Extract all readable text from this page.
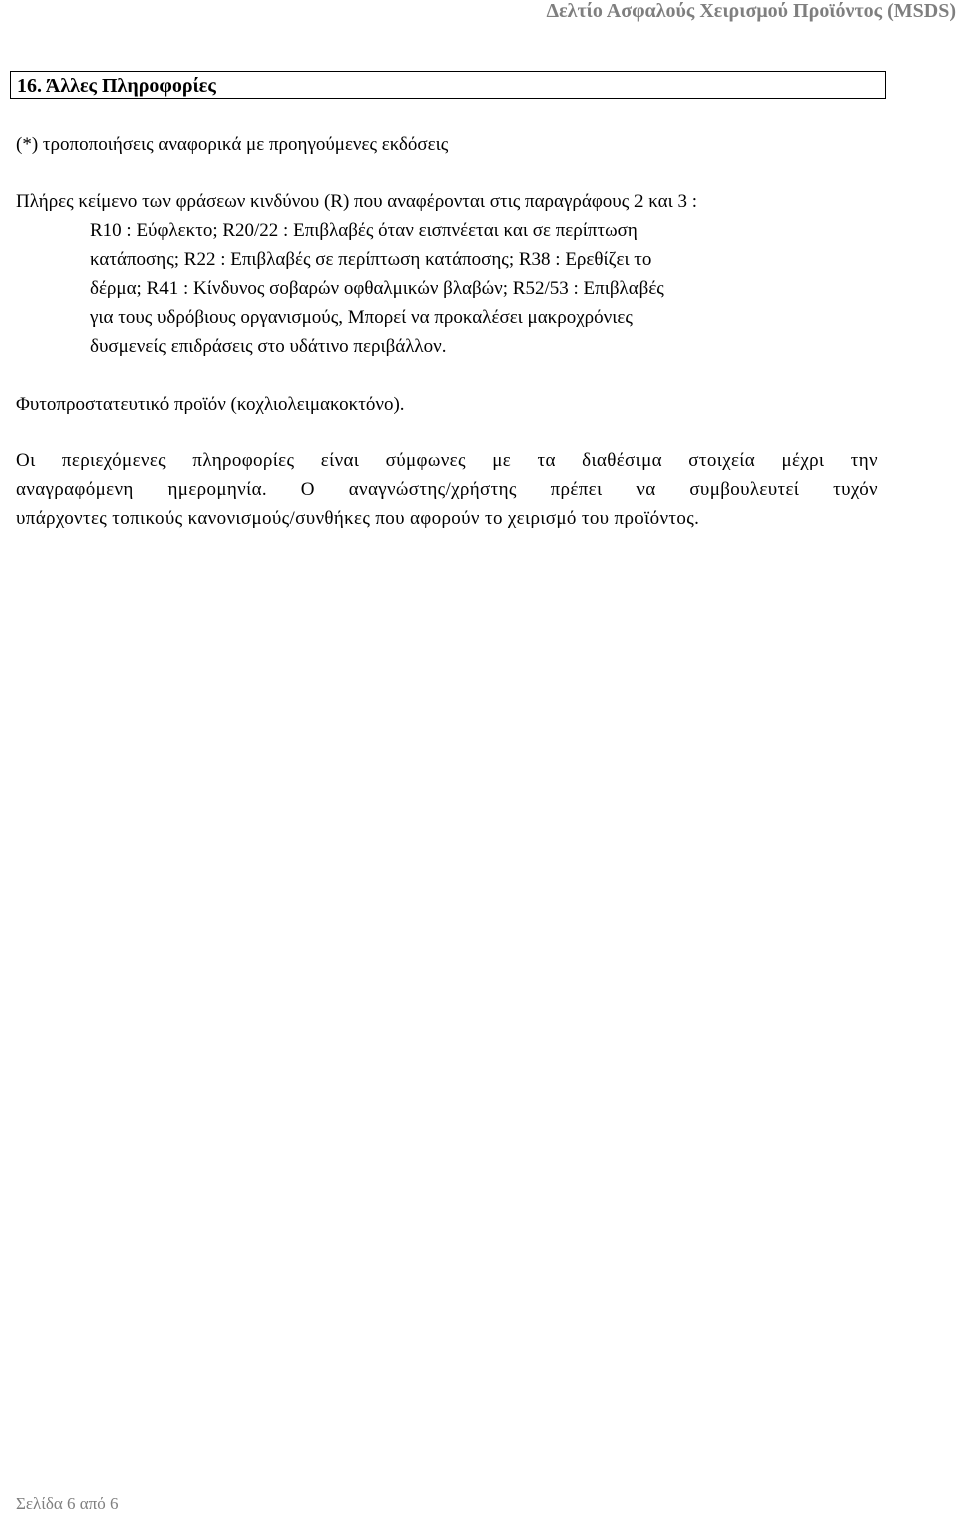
Δελτίο Ασφαλούς Χειρισμού Προϊόντος (MSDS)
16. Άλλες Πληροφορίες

(*) τροποποιήσεις αναφορικά με προηγούμενες εκδόσεις

Πλήρες κείμενο των φράσεων κινδύνου (R) που αναφέρονται στις παραγράφους 2 και 3 :

R10 : Εύφλεκτο; R20/22 : Επιβλαβές όταν εισπνέεται και σε περίπτωση
κατάποσης; R22 : Επιβλαβές σε περίπτωση κατάποσης; R38 : Ερεθίζει το
δέρμα; R41 : Κίνδυνος σοβαρών οφθαλμικών βλαβών; R52/53 : Επιβλαβές
για τους υδρόβιους οργανισμούς, Μπορεί να προκαλέσει μακροχρόνιες
δυσμενείς επιδράσεις στο υδάτινο περιβάλλον.

Φυτοπροστατευτικό προϊόν (κοχλιολειμακοκτόνο).

Οι περιεχόμενες πληροφορίες είναι σύμφωνες με τα διαθέσιμα στοιχεία μέχρι την
αναγραφόμενη ημερομηνία. Ο αναγνώστης/χρήστης πρέπει να συμβουλευτεί τυχόν
υπάρχοντες τοπικούς κανονισμούς/συνθήκες που αφορούν το χειρισμό του προϊόντος.
Σελίδα 6 από 6
